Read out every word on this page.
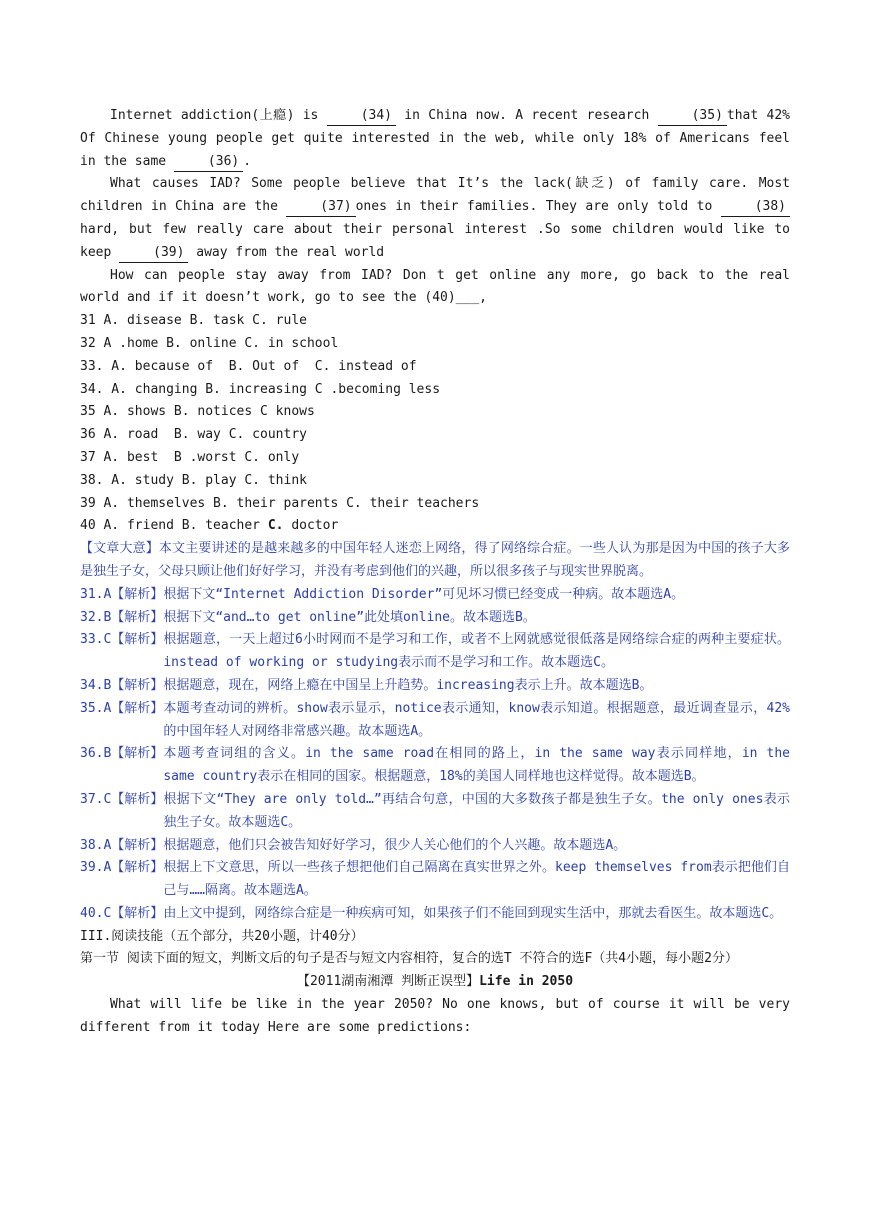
Internet addiction(上瘾) is	(34) in China now. A recent research	(35) that 42% Of Chinese young people get quite interested in the web, while only 18% of Americans feel in the same	(36) .

What causes IAD? Some people believe that It’s the lack(缺乏) of family care. Most children in China are the	(37) ones in their families. They are only told to	(38) hard, but few really care about their personal interest .So some children would like to keep	(39) away from the real world

How can people stay away from IAD? Don t get online any more, go back to the real world and if it doesn’t work, go to see the (40)___,

31 A. disease B. task C. rule

32 A .home B. online C. in school

33. A. because of  B. Out of  C. instead of

34. A. changing B. increasing C .becoming less

35 A. shows B. notices C knows

36 A. road  B. way C. country

37 A. best  B .worst C. only

38. A. study B. play C. think

39 A. themselves B. their parents C. their teachers

40 A. friend B. teacher C. doctor

【文章大意】本文主要讲述的是越来越多的中国年轻人迷恋上网络，得了网络综合症。一些人认为那是因为中国的孩子大多是独生子女，父母只顾让他们好好学习，并没有考虑到他们的兴趣，所以很多孩子与现实世界脱离。

31.A【解析】 根据下文“Internet Addiction Disorder”可见坏习惯已经变成一种病。故本题选A。
32.B【解析】 根据下文“and…to get online”此处填online。故本题选B。
33.C【解析】 根据题意，一天上超过6小时网而不是学习和工作，或者不上网就感觉很低落是网络综合症的两种主要症状。instead of working or studying表示而不是学习和工作。故本题选C。
34.B【解析】 根据题意，现在，网络上瘾在中国呈上升趋势。increasing表示上升。故本题选B。
35.A【解析】 本题考查动词的辨析。show表示显示，notice表示通知，know表示知道。根据题意，最近调查显示，42%的中国年轻人对网络非常感兴趣。故本题选A。
36.B【解析】 本题考查词组的含义。in the same road在相同的路上，in the same way表示同样地，in the same country表示在相同的国家。根据题意，18%的美国人同样地也这样觉得。故本题选B。
37.C【解析】 根据下文“They are only told…”再结合句意，中国的大多数孩子都是独生子女。the only ones表示独生子女。故本题选C。
38.A【解析】 根据题意，他们只会被告知好好学习，很少人关心他们的个人兴趣。故本题选A。
39.A【解析】 根据上下文意思，所以一些孩子想把他们自己隔离在真实世界之外。keep themselves from表示把他们自己与……隔离。故本题选A。
40.C【解析】 由上文中提到，网络综合症是一种疾病可知，如果孩子们不能回到现实生活中，那就去看医生。故本题选C。

III.阅读技能（五个部分，共20小题，计40分）

第一节 阅读下面的短文，判断文后的句子是否与短文内容相符，复合的选T 不符合的选F（共4小题，每小题2分）

【2011湖南湘潭 判断正误型】Life in 2050

What will life be like in the year 2050? No one knows, but of course it will be very different from it today Here are some predictions:
